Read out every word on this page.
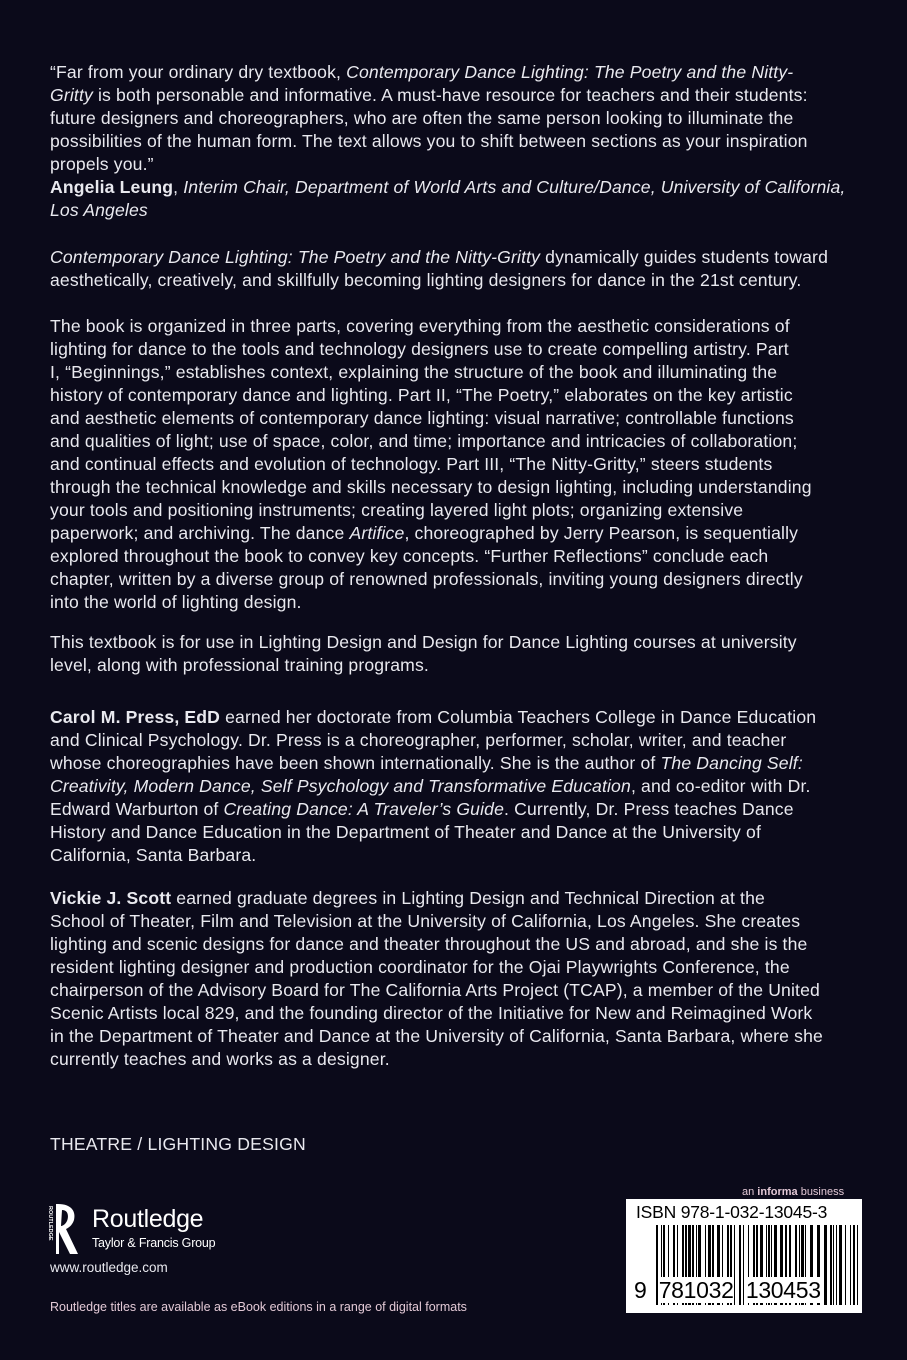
“Far from your ordinary dry textbook, Contemporary Dance Lighting: The Poetry and the Nitty-
Gritty is both personable and informative. A must-have resource for teachers and their students:
future designers and choreographers, who are often the same person looking to illuminate the
possibilities of the human form. The text allows you to shift between sections as your inspiration
propels you.”
Angelia Leung, Interim Chair, Department of World Arts and Culture/Dance, University of California,
Los Angeles
Contemporary Dance Lighting: The Poetry and the Nitty-Gritty dynamically guides students toward
aesthetically, creatively, and skillfully becoming lighting designers for dance in the 21st century.
The book is organized in three parts, covering everything from the aesthetic considerations of
lighting for dance to the tools and technology designers use to create compelling artistry. Part
I, “Beginnings,” establishes context, explaining the structure of the book and illuminating the
history of contemporary dance and lighting. Part II, “The Poetry,” elaborates on the key artistic
and aesthetic elements of contemporary dance lighting: visual narrative; controllable functions
and qualities of light; use of space, color, and time; importance and intricacies of collaboration;
and continual effects and evolution of technology. Part III, “The Nitty-Gritty,” steers students
through the technical knowledge and skills necessary to design lighting, including understanding
your tools and positioning instruments; creating layered light plots; organizing extensive
paperwork; and archiving. The dance Artifice, choreographed by Jerry Pearson, is sequentially
explored throughout the book to convey key concepts. “Further Reflections” conclude each
chapter, written by a diverse group of renowned professionals, inviting young designers directly
into the world of lighting design.
This textbook is for use in Lighting Design and Design for Dance Lighting courses at university
level, along with professional training programs.
Carol M. Press, EdD earned her doctorate from Columbia Teachers College in Dance Education
and Clinical Psychology. Dr. Press is a choreographer, performer, scholar, writer, and teacher
whose choreographies have been shown internationally. She is the author of The Dancing Self:
Creativity, Modern Dance, Self Psychology and Transformative Education, and co-editor with Dr.
Edward Warburton of Creating Dance: A Traveler’s Guide. Currently, Dr. Press teaches Dance
History and Dance Education in the Department of Theater and Dance at the University of
California, Santa Barbara.
Vickie J. Scott earned graduate degrees in Lighting Design and Technical Direction at the
School of Theater, Film and Television at the University of California, Los Angeles. She creates
lighting and scenic designs for dance and theater throughout the US and abroad, and she is the
resident lighting designer and production coordinator for the Ojai Playwrights Conference, the
chairperson of the Advisory Board for The California Arts Project (TCAP), a member of the United
Scenic Artists local 829, and the founding director of the Initiative for New and Reimagined Work
in the Department of Theater and Dance at the University of California, Santa Barbara, where she
currently teaches and works as a designer.
THEATRE / LIGHTING DESIGN
ROUTLEDGE Routledge
Taylor & Francis Group
www.routledge.com
Routledge titles are available as eBook editions in a range of digital formats
an informa business
ISBN 978-1-032-13045-3
9 781032 130453
